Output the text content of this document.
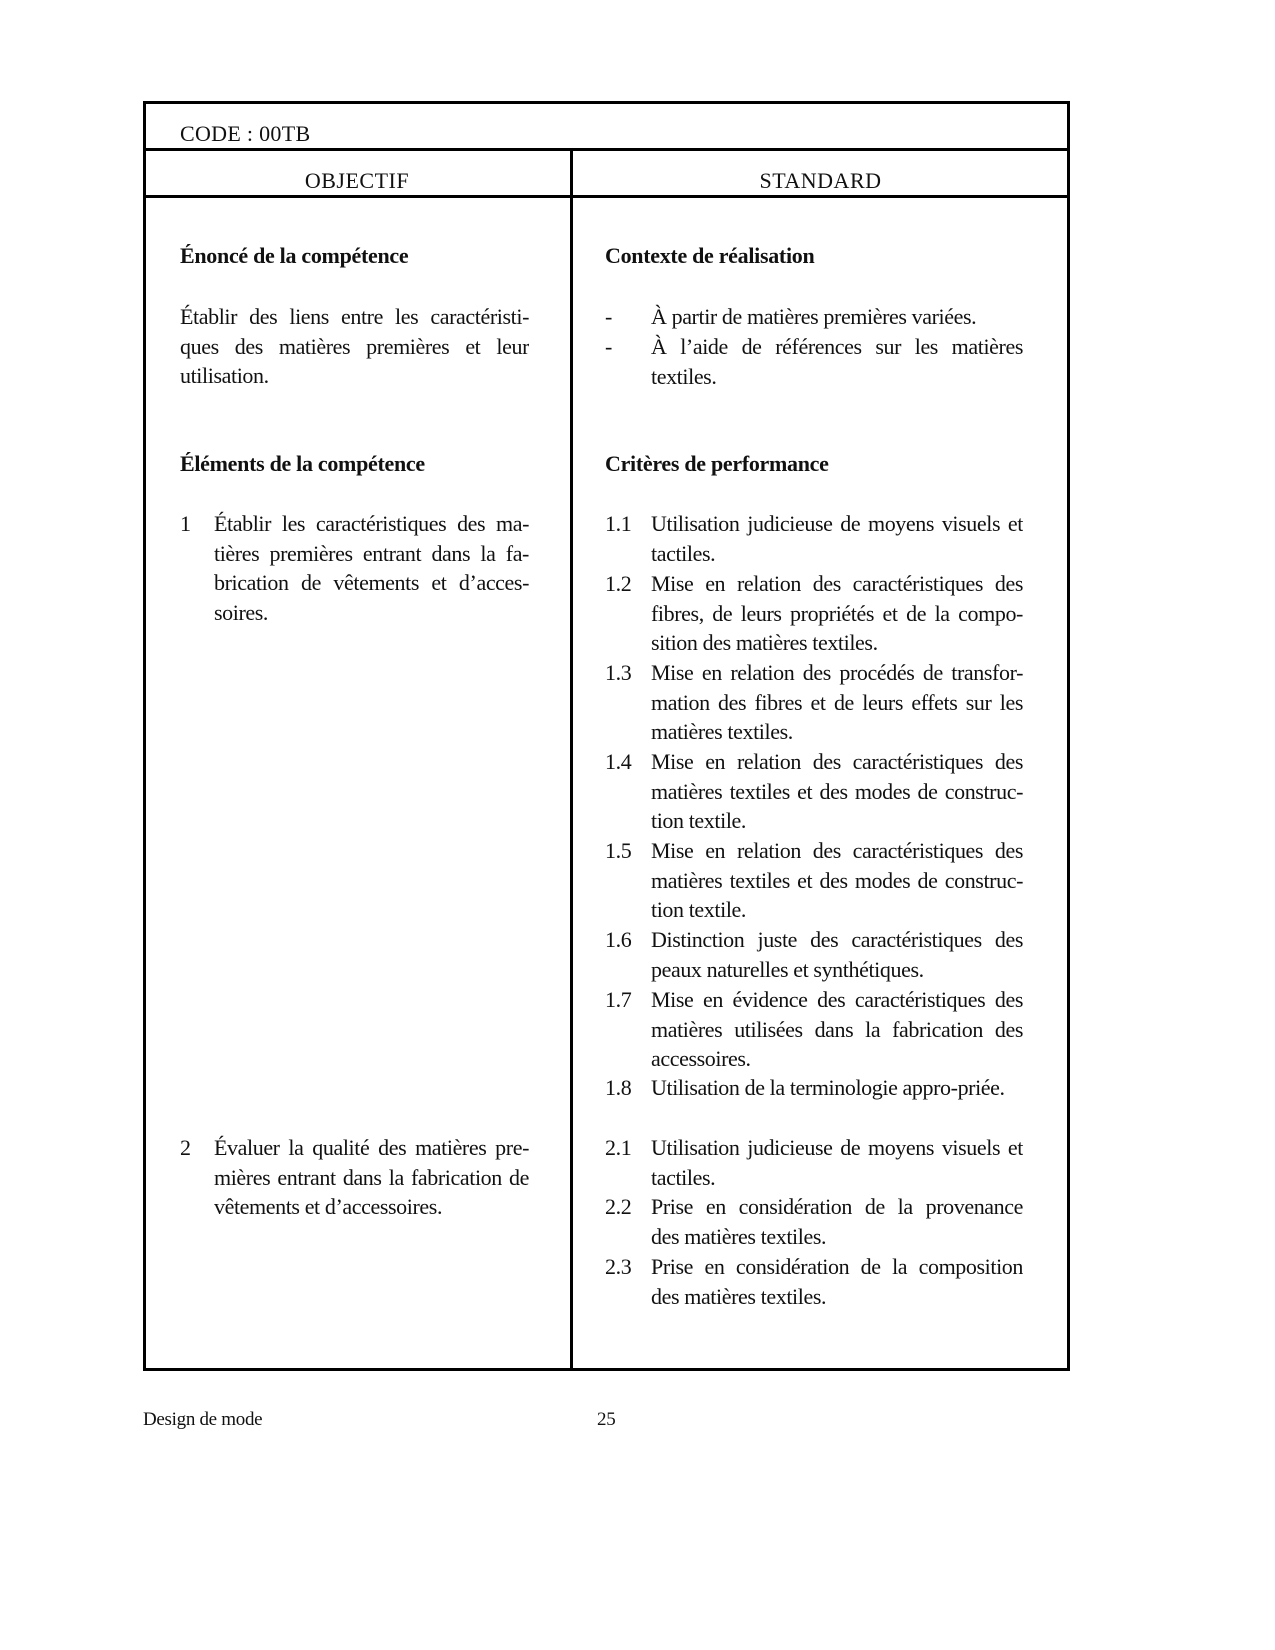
CODE : 00TB
OBJECTIF	STANDARD
Énoncé de la compétence
Éléments de la compétence
Contexte de réalisation
Critères de performance
Établir des liens entre les caractéristi-
ques des matières premières et leur
utilisation.
1 Établir les caractéristiques des ma-
tières premières entrant dans la fa-
brication de vêtements et d’acces-
soires.
2 Évaluer la qualité des matières pre-
mières entrant dans la fabrication de
vêtements et d’accessoires.
- À partir de matières premières variées.
- À l’aide de références sur les matières
textiles.
1.1 Utilisation judicieuse de moyens visuels et
tactiles.
1.2 Mise en relation des caractéristiques des
fibres, de leurs propriétés et de la compo-
sition des matières textiles.
1.3 Mise en relation des procédés de transfor-
mation des fibres et de leurs effets sur les
matières textiles.
1.4 Mise en relation des caractéristiques des
matières textiles et des modes de construc-
tion textile.
1.5 Mise en relation des caractéristiques des
matières textiles et des modes de construc-
tion textile.
1.6 Distinction juste des caractéristiques des
peaux naturelles et synthétiques.
1.7 Mise en évidence des caractéristiques des
matières utilisées dans la fabrication des
accessoires.
1.8 Utilisation de la terminologie appro-priée.
2.1 Utilisation judicieuse de moyens visuels et
tactiles.
2.2 Prise en considération de la provenance
des matières textiles.
2.3 Prise en considération de la composition
des matières textiles.
Design de mode	25
